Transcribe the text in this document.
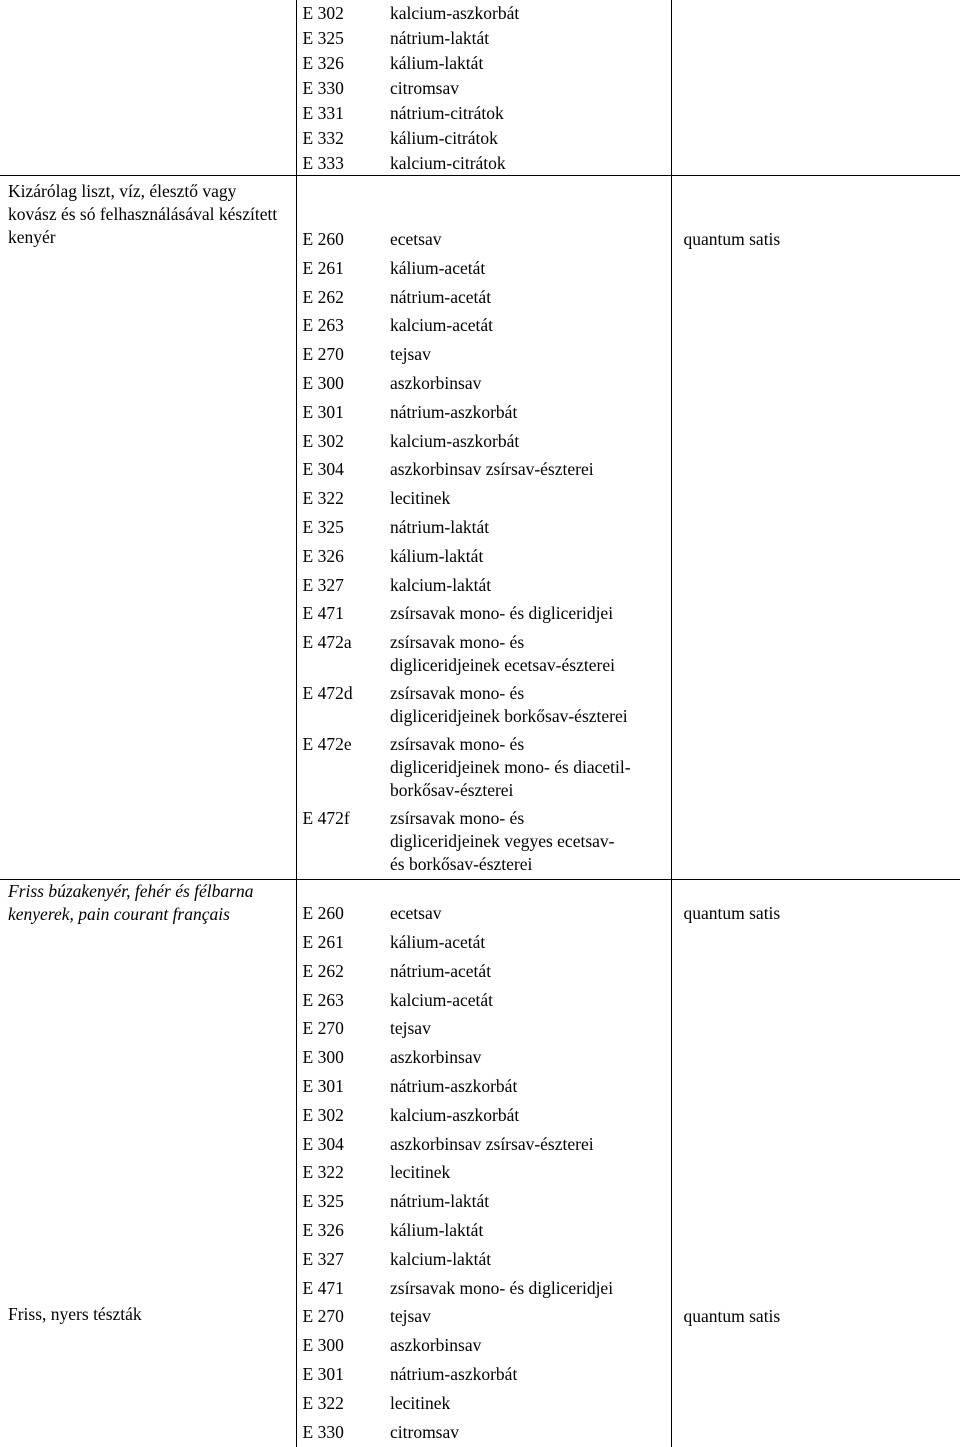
	E 302	kalcium-aszkorbát	

	E 325	nátrium-laktát	

	E 326	kálium-laktát	

	E 330	citromsav	

	E 331	nátrium-citrátok	

	E 332	kálium-citrátok	

	E 333	kalcium-citrátok	

Kizárólag liszt, víz, élesztő vagy kovász és só felhasználásával készített kenyér	E 260	ecetsav	quantum satis

	E 261	kálium-acetát	

	E 262	nátrium-acetát	

	E 263	kalcium-acetát	

	E 270	tejsav	

	E 300	aszkorbinsav	

	E 301	nátrium-aszkorbát	

	E 302	kalcium-aszkorbát	

	E 304	aszkorbinsav zsírsav-észterei	

	E 322	lecitinek	

	E 325	nátrium-laktát	

	E 326	kálium-laktát	

	E 327	kalcium-laktát	

	E 471	zsírsavak mono- és digliceridjei	

	E 472a	zsírsavak mono- és
digliceridjeinek ecetsav-észterei	

	E 472d	zsírsavak mono- és
digliceridjeinek borkősav-észterei	

	E 472e	zsírsavak mono- és
digliceridjeinek mono- és diacetil-
borkősav-észterei	

	E 472f	zsírsavak mono- és
digliceridjeinek vegyes ecetsav-
és borkősav-észterei	

Friss búzakenyér, fehér és félbarna kenyerek, pain courant français	E 260	ecetsav	quantum satis

	E 261	kálium-acetát	

	E 262	nátrium-acetát	

	E 263	kalcium-acetát	

	E 270	tejsav	

	E 300	aszkorbinsav	

	E 301	nátrium-aszkorbát	

	E 302	kalcium-aszkorbát	

	E 304	aszkorbinsav zsírsav-észterei	

	E 322	lecitinek	

	E 325	nátrium-laktát	

	E 326	kálium-laktát	

	E 327	kalcium-laktát	

	E 471	zsírsavak mono- és digliceridjei	

Friss, nyers tészták	E 270	tejsav	quantum satis

	E 300	aszkorbinsav	

	E 301	nátrium-aszkorbát	

	E 322	lecitinek	

	E 330	citromsav	
